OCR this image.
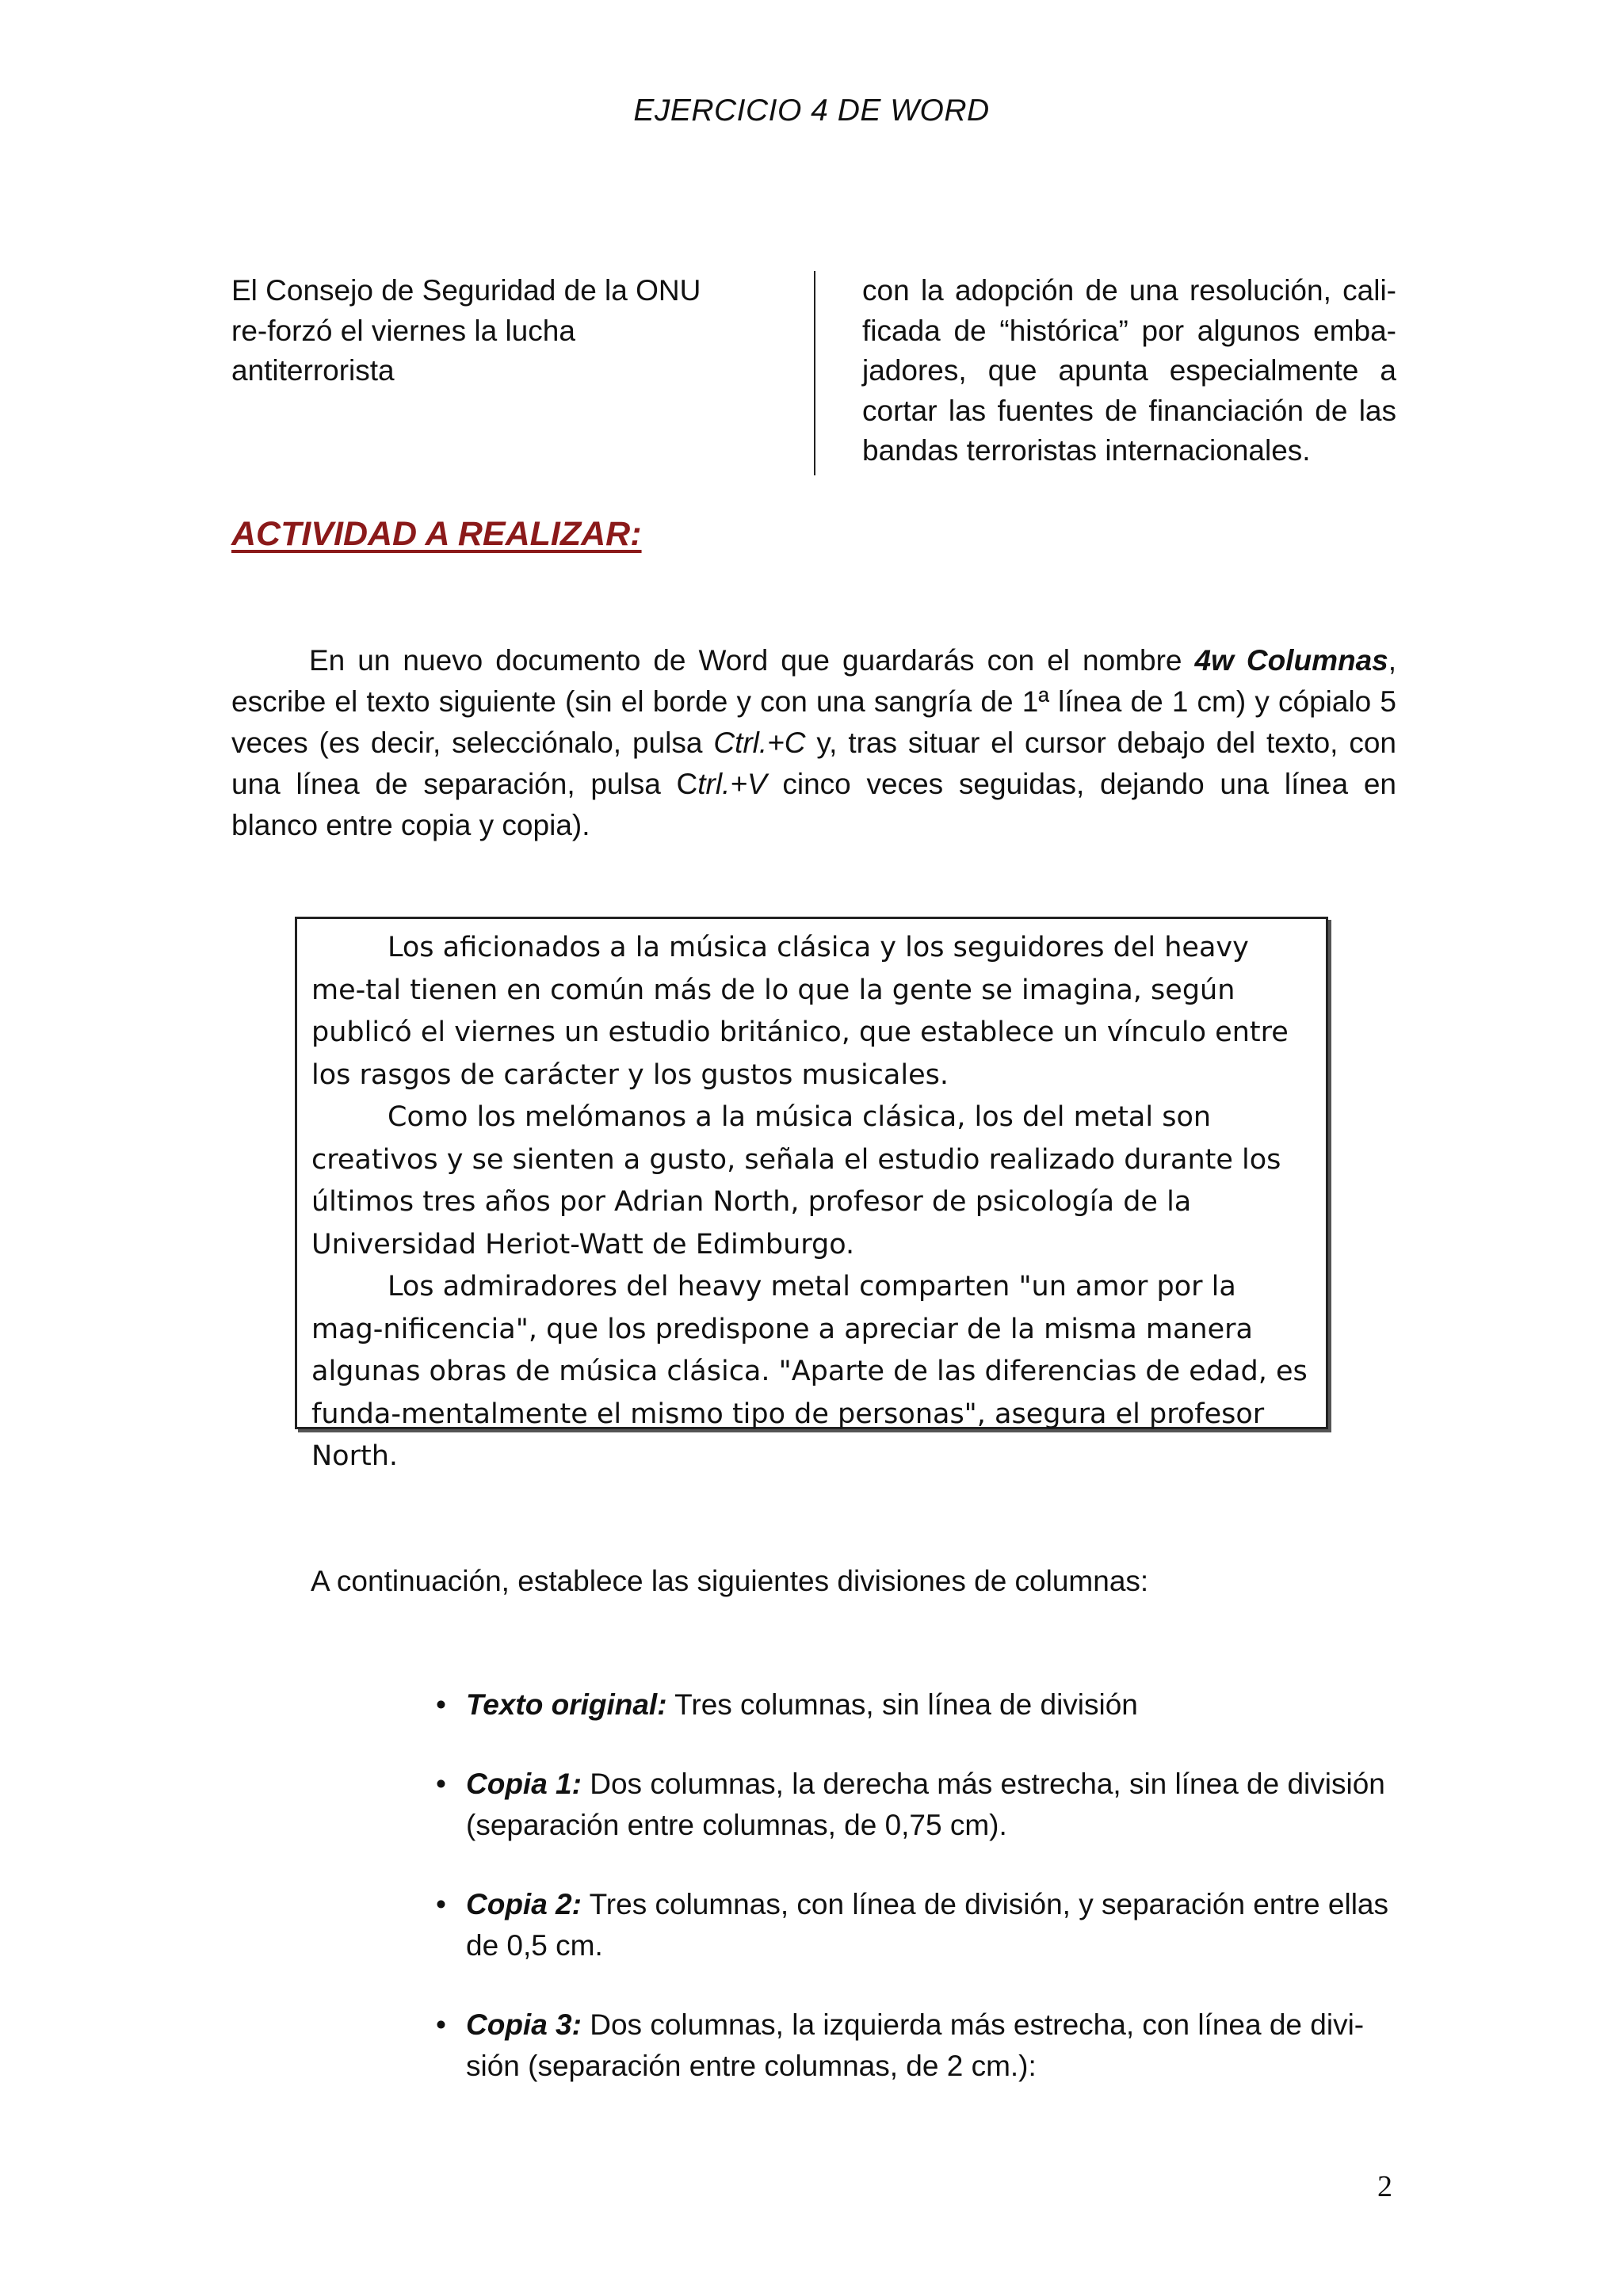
EJERCICIO 4 DE WORD
El Consejo de Seguridad de la ONU re-forzó el viernes la lucha antiterrorista
con la adopción de una resolución, cali-ficada de “histórica” por algunos emba-jadores, que apunta especialmente a cortar las fuentes de financiación de las bandas terroristas internacionales.
ACTIVIDAD A REALIZAR:
En un nuevo documento de Word que guardarás con el nombre 4w Columnas, escribe el texto siguiente (sin el borde y con una sangría de 1ª línea de 1 cm) y cópialo 5 veces (es decir, selecciónalo, pulsa Ctrl.+C y, tras situar el cursor debajo del texto, con una línea de separación, pulsa Ctrl.+V cinco veces seguidas, dejando una línea en blanco entre copia y copia).

Los aficionados a la música clásica y los seguidores del heavy me-tal tienen en común más de lo que la gente se imagina, según publicó el viernes un estudio británico, que establece un vínculo entre los rasgos de carácter y los gustos musicales.

Como los melómanos a la música clásica, los del metal son creativos y se sienten a gusto, señala el estudio realizado durante los últimos tres años por Adrian North, profesor de psicología de la Universidad Heriot-Watt de Edimburgo.

Los admiradores del heavy metal comparten "un amor por la mag-nificencia", que los predispone a apreciar de la misma manera algunas obras de música clásica. "Aparte de las diferencias de edad, es funda-mentalmente el mismo tipo de personas", asegura el profesor North.

A continuación, establece las siguientes divisiones de columnas:
• Texto original: Tres columnas, sin línea de división
• Copia 1: Dos columnas, la derecha más estrecha, sin línea de división (separación entre columnas, de 0,75 cm).
• Copia 2: Tres columnas, con línea de división, y separación entre ellas de 0,5 cm.
• Copia 3: Dos columnas, la izquierda más estrecha, con línea de divi-sión (separación entre columnas, de 2 cm.):
2
